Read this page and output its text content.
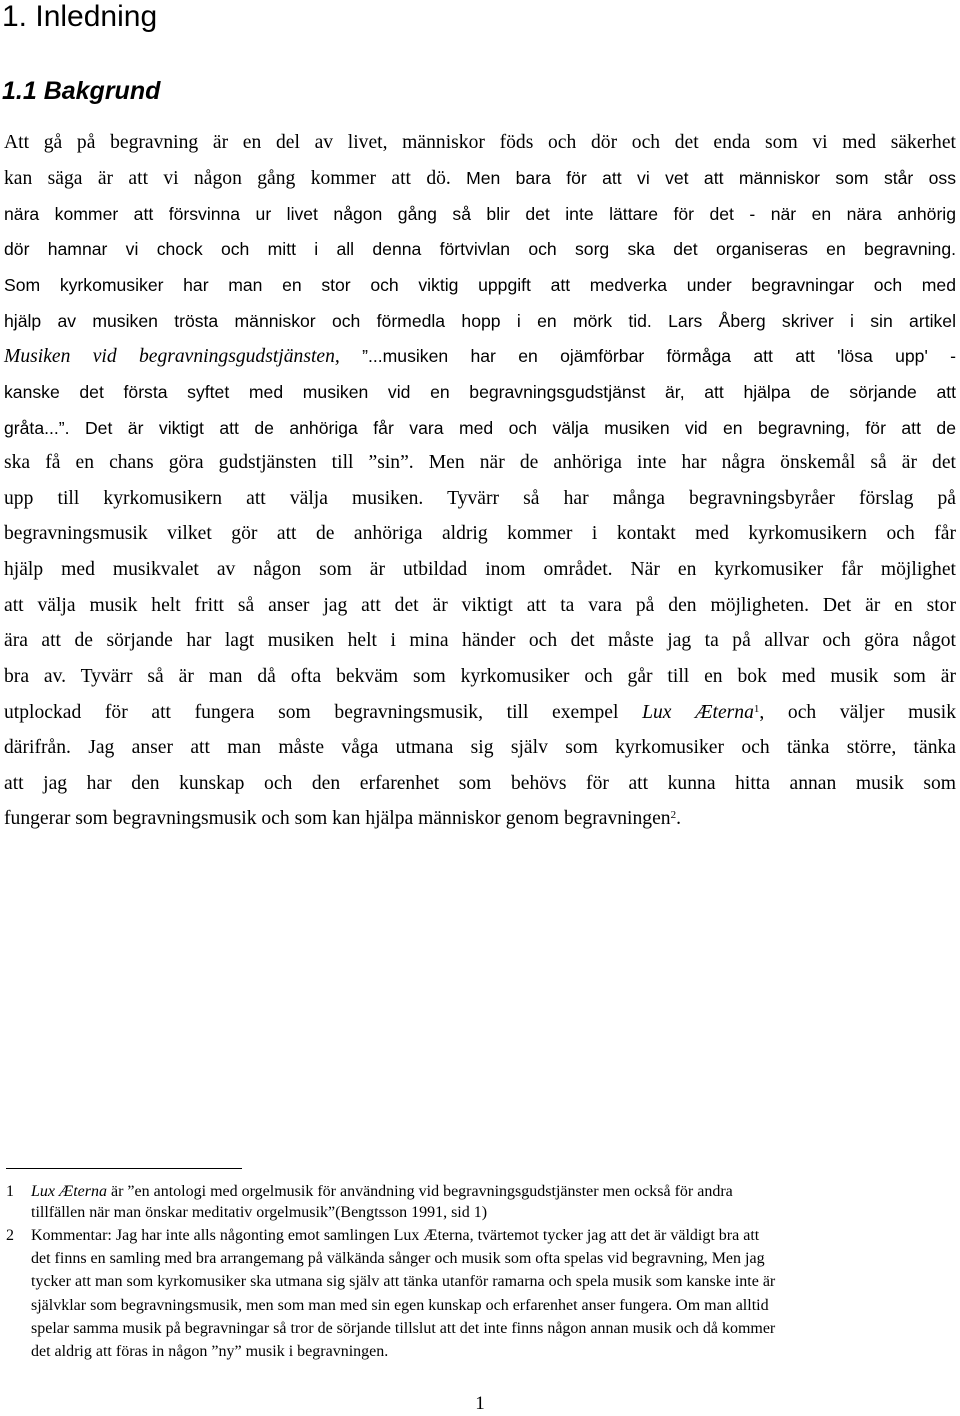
1. Inledning
1.1 Bakgrund
Att gå på begravning är en del av livet, människor föds och dör och det enda som vi med säkerhet
kan säga är att vi någon gång kommer att dö. Men bara för att vi vet att människor som står oss
nära kommer att försvinna ur livet någon gång så blir det inte lättare för det - när en nära anhörig
dör hamnar vi chock och mitt i all denna förtvivlan och sorg ska det organiseras en begravning.
Som kyrkomusiker har man en stor och viktig uppgift att medverka under begravningar och med
hjälp av musiken trösta människor och förmedla hopp i en mörk tid. Lars Åberg skriver i sin artikel
Musiken vid begravningsgudstjänsten, ”...musiken har en ojämförbar förmåga att att 'lösa upp' -
kanske det första syftet med musiken vid en begravningsgudstjänst är, att hjälpa de sörjande att
gråta...”. Det är viktigt att de anhöriga får vara med och välja musiken vid en begravning, för att de
ska få en chans göra gudstjänsten till ”sin”. Men när de anhöriga inte har några önskemål så är det
upp till kyrkomusikern att välja musiken. Tyvärr så har många begravningsbyråer förslag på
begravningsmusik vilket gör att de anhöriga aldrig kommer i kontakt med kyrkomusikern och får
hjälp med musikvalet av någon som är utbildad inom området. När en kyrkomusiker får möjlighet
att välja musik helt fritt så anser jag att det är viktigt att ta vara på den möjligheten. Det är en stor
ära att de sörjande har lagt musiken helt i mina händer och det måste jag ta på allvar och göra något
bra av. Tyvärr så är man då ofta bekväm som kyrkomusiker och går till en bok med musik som är
utplockad för att fungera som begravningsmusik, till exempel Lux Æterna$^1$, och väljer musik
därifrån. Jag anser att man måste våga utmana sig själv som kyrkomusiker och tänka större, tänka
att jag har den kunskap och den erfarenhet som behövs för att kunna hitta annan musik som
fungerar som begravningsmusik och som kan hjälpa människor genom begravningen$^2$.
1	Lux Æterna är ”en antologi med orgelmusik för användning vid begravningsgudstjänster men också för andra
tillfällen när man önskar meditativ orgelmusik”(Bengtsson 1991, sid 1)
2	Kommentar: Jag har inte alls någonting emot samlingen Lux Æterna, tvärtemot tycker jag att det är väldigt bra att
det finns en samling med bra arrangemang på välkända sånger och musik som ofta spelas vid begravning, Men jag
tycker att man som kyrkomusiker ska utmana sig själv att tänka utanför ramarna och spela musik som kanske inte är
självklar som begravningsmusik, men som man med sin egen kunskap och erfarenhet anser fungera. Om man alltid
spelar samma musik på begravningar så tror de sörjande tillslut att det inte finns någon annan musik och då kommer
det aldrig att föras in någon ”ny” musik i begravningen.
1
